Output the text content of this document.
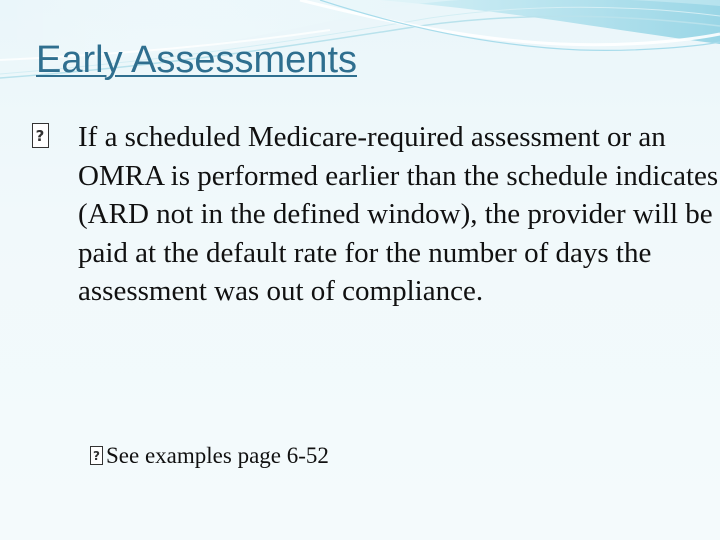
Early Assessments
?If a scheduled Medicare-required assessment or an OMRA is performed earlier than the schedule indicates (ARD not in the defined window), the provider will be paid at the default rate for the number of days the assessment was out of compliance.
?See examples page 6-52
